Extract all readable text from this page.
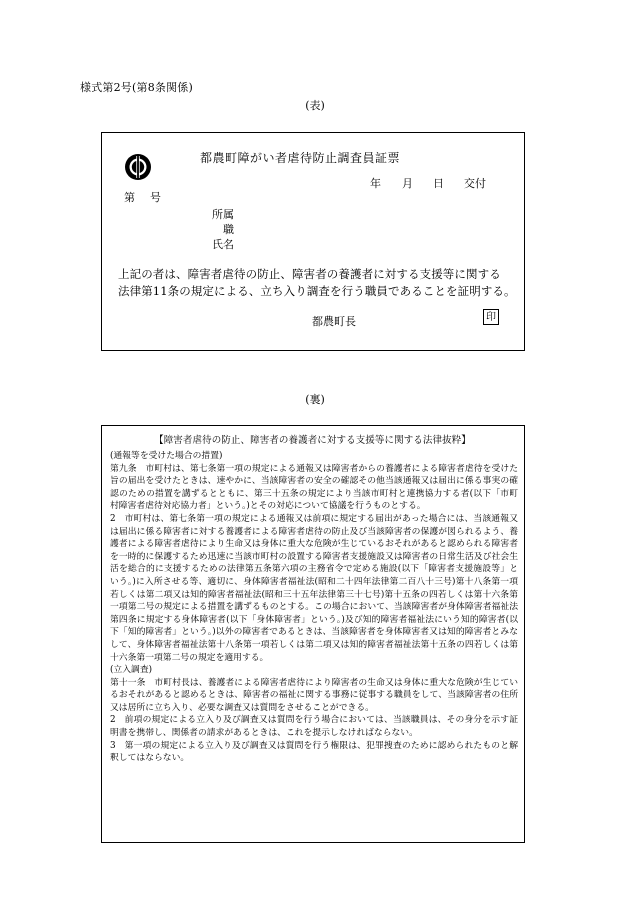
様式第2号(第8条関係)
(表)
都農町障がい者虐待防止調査員証票
年 月 日 交付
第 号
所属
職
氏名
上記の者は、障害者虐待の防止、障害者の養護者に対する支援等に関する
法律第11条の規定による、立ち入り調査を行う職員であることを証明する。
都農町長	印
(裏)
【障害者虐待の防止、障害者の養護者に対する支援等に関する法律抜粋】

(通報等を受けた場合の措置)

第九条　市町村は、第七条第一項の規定による通報又は障害者からの養護者による障害者虐待を受けた旨の届出を受けたときは、速やかに、当該障害者の安全の確認その他当該通報又は届出に係る事実の確認のための措置を講ずるとともに、第三十五条の規定により当該市町村と連携協力する者(以下「市町村障害者虐待対応協力者」という。)とその対応について協議を行うものとする。

2　市町村は、第七条第一項の規定による通報又は前項に規定する届出があった場合には、当該通報又は届出に係る障害者に対する養護者による障害者虐待の防止及び当該障害者の保護が図られるよう、養護者による障害者虐待により生命又は身体に重大な危険が生じているおそれがあると認められる障害者を一時的に保護するため迅速に当該市町村の設置する障害者支援施設又は障害者の日常生活及び社会生活を総合的に支援するための法律第五条第六項の主務省令で定める施設(以下「障害者支援施設等」という。)に入所させる等、適切に、身体障害者福祉法(昭和二十四年法律第二百八十三号)第十八条第一項若しくは第二項又は知的障害者福祉法(昭和三十五年法律第三十七号)第十五条の四若しくは第十六条第一項第二号の規定による措置を講ずるものとする。この場合において、当該障害者が身体障害者福祉法第四条に規定する身体障害者(以下「身体障害者」という。)及び知的障害者福祉法にいう知的障害者(以下「知的障害者」という。)以外の障害者であるときは、当該障害者を身体障害者又は知的障害者とみなして、身体障害者福祉法第十八条第一項若しくは第二項又は知的障害者福祉法第十五条の四若しくは第十六条第一項第二号の規定を適用する。

(立入調査)

第十一条　市町村長は、養護者による障害者虐待により障害者の生命又は身体に重大な危険が生じているおそれがあると認めるときは、障害者の福祉に関する事務に従事する職員をして、当該障害者の住所又は居所に立ち入り、必要な調査又は質問をさせることができる。

2　前項の規定による立入り及び調査又は質問を行う場合においては、当該職員は、その身分を示す証明書を携帯し、関係者の請求があるときは、これを提示しなければならない。

3　第一項の規定による立入り及び調査又は質問を行う権限は、犯罪捜査のために認められたものと解釈してはならない。
